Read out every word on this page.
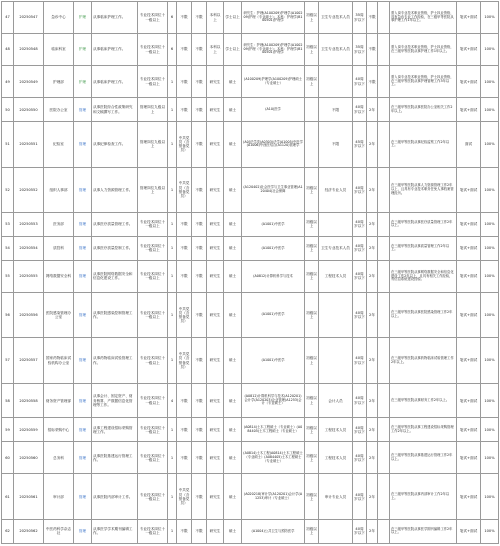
47	20250547	急诊中心	护理	从事临床护理工作。	专业技术岗位十一级以上	6	不限	不限	本科以上	学士以上	研究生：护理(A100209)护理学(A100209)护理（专业硕士）；本科：护理学(B100501)护理学	初级以上	卫生专业技术人员	35周岁以下	不限		需入岗专业技术职业资格，护士执业资格，具有急诊专业工作经验，在三级甲等医院从事护理工作1年以上。	笔试+面试	100%
48	20250548	临床科室	护理	从事临床护理工作。	专业技术岗位十一级以上	6	不限	不限	本科以上	学士以上	研究生：护理(A100209)护理学(A100209)护理（专业硕士）；本科：护理学(B100501)护理学	初级以上	卫生专业技术人员	35周岁以下	不限		需入岗专业技术职业资格，护士执业资格，在三级甲等医院从事护理工作1年以上。	笔试+面试	100%
49	20250549	护理部	护理	从事临床护理工作。	专业技术岗位十一级以上	1	不限	不限	研究生	硕士	(A100209)护理学(A100209)护理硕士（专业硕士）	初级以上		40周岁以下	不限		需入岗专业技术职业资格，护士执业资格，在三级甲等医院从事护理管理工作3年以上。	笔试+面试	100%
50	20250550	医院办公室	管理	从事医院综合性政策研究和文稿撰写工作。	管理岗位九级以上	1	不限	不限	研究生	硕士	(A10)医学		不限	40周岁以下	2年		在三级甲等医院从事医院办公室相关工作2年以上。	笔试+面试	100%
51	20250551	纪检室	管理	从事纪律检查工作。	管理岗位九级以上	1	中共党员（含预备党员）	不限	研究生	硕士	(A0]法学类(A0303)法学(A1005)中医学(A1006)中西医结合(A1120)管理学		不限	45周岁以下	2年		在三级甲等医院从事纪检监察工作2年以上。	面试	100%
52	20250552	组织人事部	管理	从事人力资源管理工作。	管理岗位九级以上	1	中共党员（含预备党员）	不限	研究生	硕士	(A120402)社会医学与卫生事业管理(A120404)社会保障	初级以上	经济专业人员	40周岁以下	2年		在三级甲等医院从事人力资源管理工作2年以上，且具有专业技术职务任免人事档案管理经历。	笔试+面试	100%
53	20250553	医务部	管理	从事医疗质量管理工作。	专业技术岗位十一级以上	1	不限	不限	研究生	硕士	(A1001)中医学	初级以上		40周岁以下	2年		在三级甲等医院从事医疗质量管理工作2年以上。	笔试+面试	100%
54	20250554	质控科	管理	从事医疗质量控制工作。	专业技术岗位十一级以上	1	不限	不限	研究生	硕士	(A1001)中医学	初级以上	卫生专业技术人员	40周岁以下	2年		在三级甲等医院从事质量管理工作2年以上。	笔试+面试	100%
55	20250555	网络数据安全科	管理	从事医院网络数据安全和信息化建设工作。	专业技术岗位十一级以上	1	不限	不限	研究生	硕士	(A0812)计算机科学与技术	初级以上	工程技术人员	40周岁以下	2年		在三级甲等医院从事网络数据安全和信息化建设工作2年以上，且具有相关工作经验，有信息系统建设经验。	笔试+面试	100%
56	20250556	医院感染管理办公室	管理	从事医院感染控制管理工作。	专业技术岗位十一级以上	1	中共党员（含预备党员）	不限	研究生	硕士	(A1001)中医学	初级以上		40周岁以下	2年		在三级甲等医院从事医院感染管理工作2年以上。	笔试+面试	100%
57	20250557	国家药物临床试验机构办公室	管理	从事药物临床试验管理工作。	专业技术岗位十一级以上	1	中共党员（含预备党员）	不限	研究生	硕士	(A1001)中医学	初级以上		40周岁以下	2年		在三级甲等医院从事药物临床试验管理工作2年以上。	笔试+面试	100%
58	20250558	财务资产管理部	管理	从事会计、固定资产、财务核算、产数据信息化管理等工作。	专业技术岗位十一级以上	4	不限	不限	研究生	硕士	(A0812)计算机科学与技术(A120201)会计学(A120203)企业管理(A1253)会计（专业硕士）	初级以上	会计人员	40周岁以下	2年		在三级甲等医院从事财务工作2年以上。	笔试+面试	100%
59	20250559	招标采购中心	管理	从事工程建设招标采购管理工作。	专业技术岗位十一级以上	1	不限	不限	研究生	硕士	(A0814)土木工程硕士（专业硕士）(A084405)土木工程硕士（专业硕士）	初级以上	工程技术人员	40周岁以下	2年		在三级甲等医院从事工程建设招标采购管理工作2年以上。	笔试+面试	100%
60	20250560	总务科	管理	从事医院基建运行管理工作。	专业技术岗位十一级以上	1	不限	不限	研究生	硕士	(A0814)土木工程(A0814)土木工程硕士（专业硕士）(A084405)土木工程硕士（专业硕士）	初级以上	工程技术人员	40周岁以下	2年		在三级甲等医院从事基建运行管理工作2年以上。	笔试+面试	100%
61	20250561	审计部	管理	从事医院内部审计工作。	专业技术岗位十一级以上	1	中共党员（含预备党员）	不限	研究生	硕士	(A020218)审计学(A120201)会计学(A1253)审计（专业硕士）	初级以上	审计专业人员	40周岁以下	2年		在三级甲等医院从事内部审计工作2年以上。	笔试+面试	100%
62	20250562	中医药科学杂志社	管理	从事医学学术期刊编辑工作。	专业技术岗位十一级以上	1	不限	不限	研究生	硕士	(A1004)公共卫生与预防医学	初级以上		40周岁以下	2年		在三级甲等医院从事医学期刊编辑工作2年以上。	笔试+面试	100%
